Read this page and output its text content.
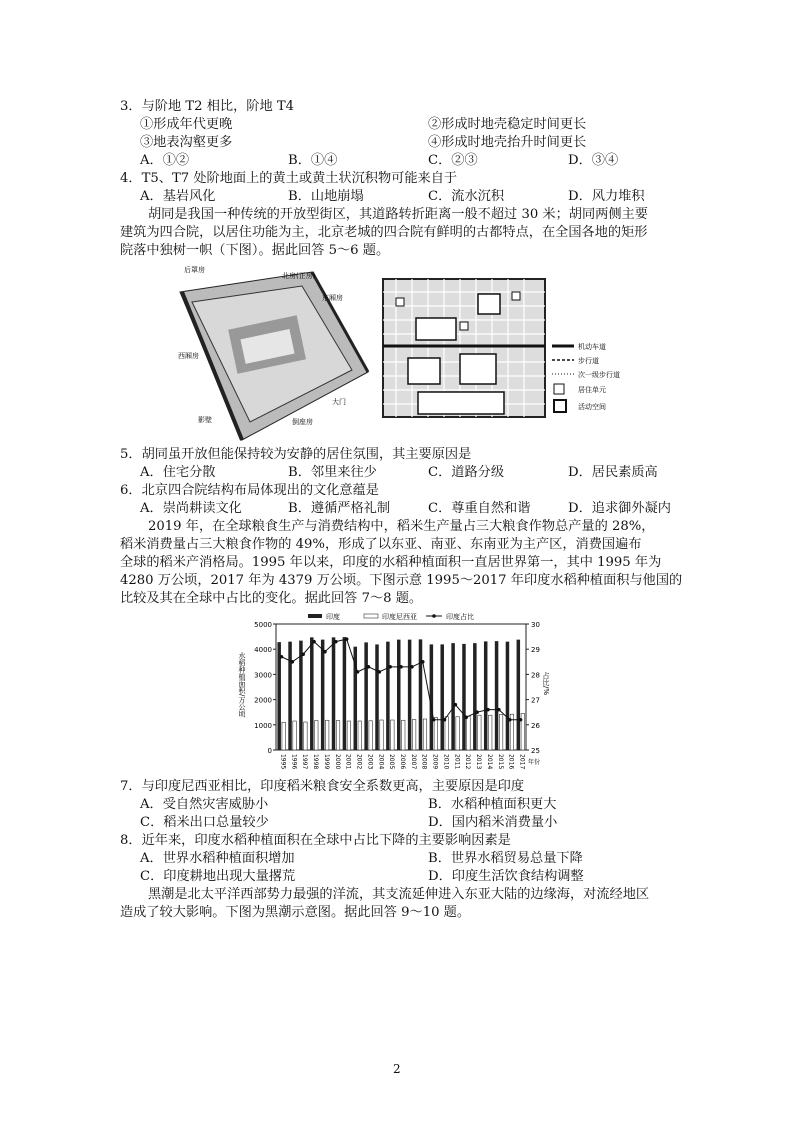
3．与阶地 T2 相比，阶地 T4
①形成年代更晚	②形成时地壳稳定时间更长
③地表沟壑更多	④形成时地壳抬升时间更长
A．①②	B．①④	C．②③	D．③④
4．T5、T7 处阶地面上的黄土或黄土状沉积物可能来自于
A．基岩风化	B．山地崩塌	C．流水沉积	D．风力堆积
胡同是我国一种传统的开放型街区，其道路转折距离一般不超过 30 米；胡同两侧主要
建筑为四合院，以居住功能为主，北京老城的四合院有鲜明的古都特点，在全国各地的矩形
院落中独树一帜（下图）。据此回答 5～6 题。
后罩房
北房(正房)
东厢房
西厢房
影壁	倒座房
大门
机动车道
步行道
次一级步行道
居住单元
活动空间
5．胡同虽开放但能保持较为安静的居住氛围，其主要原因是
A．住宅分散	B．邻里来往少	C．道路分级	D．居民素质高
6．北京四合院结构布局体现出的文化意蕴是
A．崇尚耕读文化	B．遵循严格礼制	C．尊重自然和谐	D．追求御外凝内
2019 年，在全球粮食生产与消费结构中，稻米生产量占三大粮食作物总产量的 28%，
稻米消费量占三大粮食作物的 49%，形成了以东亚、南亚、东南亚为主产区，消费国遍布
全球的稻米产消格局。1995 年以来，印度的水稻种植面积一直居世界第一，其中 1995 年为
4280 万公顷，2017 年为 4379 万公顷。下图示意 1995～2017 年印度水稻种植面积与他国的
比较及其在全球中占比的变化。据此回答 7～8 题。
0
1000
2000
3000
4000
5000
25
26
27
28
29
30
1995 1996 1997 1998 1999 2000 2001 2002 2003 2004 2005 2006 2007 2008 2009 2010 2011 2012 2013 2014 2015 2016 2017
印度	印度尼西亚	印度占比
水稻种植面积/万公顷	占比/%
年份
7．与印度尼西亚相比，印度稻米粮食安全系数更高，主要原因是印度
A．受自然灾害威胁小	B．水稻种植面积更大
C．稻米出口总量较少	D．国内稻米消费量小
8．近年来，印度水稻种植面积在全球中占比下降的主要影响因素是
A．世界水稻种植面积增加	B．世界水稻贸易总量下降
C．印度耕地出现大量撂荒	D．印度生活饮食结构调整
黑潮是北太平洋西部势力最强的洋流，其支流延伸进入东亚大陆的边缘海，对流经地区
造成了较大影响。下图为黑潮示意图。据此回答 9～10 题。
2
